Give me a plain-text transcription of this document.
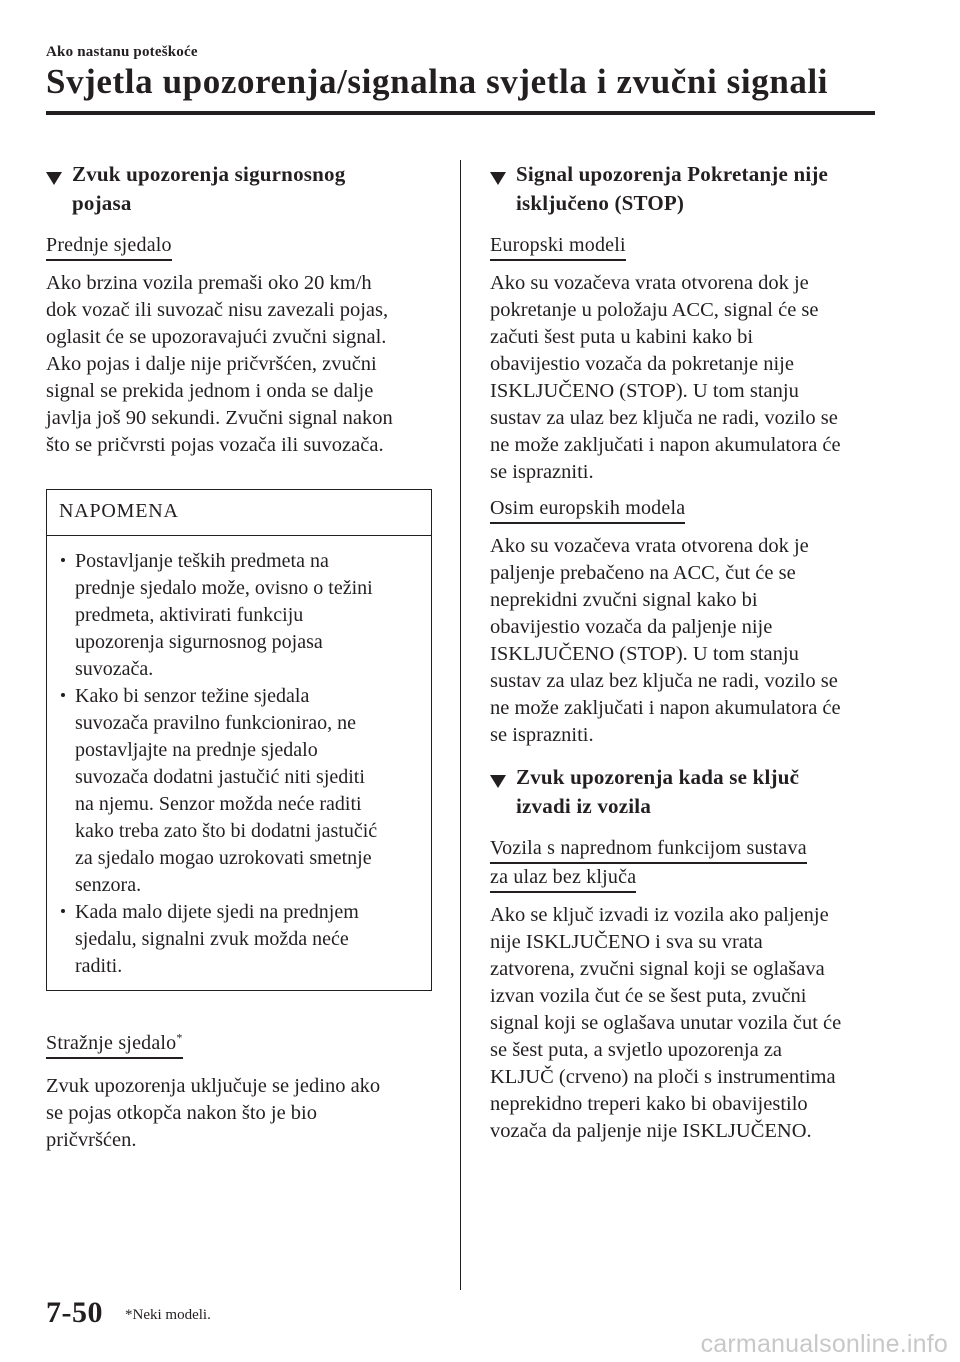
Ako nastanu poteškoće
Svjetla upozorenja/signalna svjetla i zvučni signali
Zvuk upozorenja sigurnosnog
pojasa
Prednje sjedalo
Ako brzina vozila premaši oko 20 km/h
dok vozač ili suvozač nisu zavezali pojas,
oglasit će se upozoravajući zvučni signal.
Ako pojas i dalje nije pričvršćen, zvučni
signal se prekida jednom i onda se dalje
javlja još 90 sekundi. Zvučni signal nakon
što se pričvrsti pojas vozača ili suvozača.
NAPOMENA
Postavljanje teških predmeta na
prednje sjedalo može, ovisno o težini
predmeta, aktivirati funkciju
upozorenja sigurnosnog pojasa
suvozača.
Kako bi senzor težine sjedala
suvozača pravilno funkcionirao, ne
postavljajte na prednje sjedalo
suvozača dodatni jastučić niti sjediti
na njemu. Senzor možda neće raditi
kako treba zato što bi dodatni jastučić
za sjedalo mogao uzrokovati smetnje
senzora.
Kada malo dijete sjedi na prednjem
sjedalu, signalni zvuk možda neće
raditi.
Stražnje sjedalo*
Zvuk upozorenja uključuje se jedino ako
se pojas otkopča nakon što je bio
pričvršćen.
Signal upozorenja Pokretanje nije
isključeno (STOP)
Europski modeli
Ako su vozačeva vrata otvorena dok je
pokretanje u položaju ACC, signal će se
začuti šest puta u kabini kako bi
obavijestio vozača da pokretanje nije
ISKLJUČENO (STOP). U tom stanju
sustav za ulaz bez ključa ne radi, vozilo se
ne može zaključati i napon akumulatora će
se isprazniti.
Osim europskih modela
Ako su vozačeva vrata otvorena dok je
paljenje prebačeno na ACC, čut će se
neprekidni zvučni signal kako bi
obavijestio vozača da paljenje nije
ISKLJUČENO (STOP). U tom stanju
sustav za ulaz bez ključa ne radi, vozilo se
ne može zaključati i napon akumulatora će
se isprazniti.
Zvuk upozorenja kada se ključ
izvadi iz vozila
Vozila s naprednom funkcijom sustava
za ulaz bez ključa
Ako se ključ izvadi iz vozila ako paljenje
nije ISKLJUČENO i sva su vrata
zatvorena, zvučni signal koji se oglašava
izvan vozila čut će se šest puta, zvučni
signal koji se oglašava unutar vozila čut će
se šest puta, a svjetlo upozorenja za
KLJUČ (crveno) na ploči s instrumentima
neprekidno treperi kako bi obavijestilo
vozača da paljenje nije ISKLJUČENO.
7-50 *Neki modeli.
carmanualsonline.info
